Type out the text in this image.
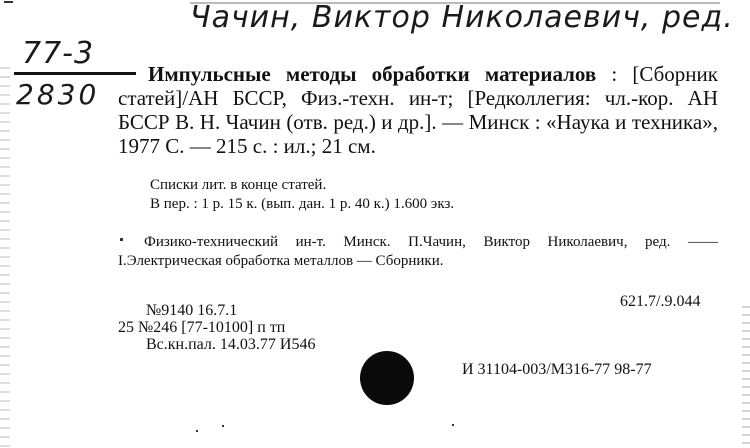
Чачин, Виктор Николаевич, ред.
77-3
2830
Импульсные методы обработки материалов : [Сборник статей]/АН БССР, Физ.-техн. ин-т; [Редколлегия: чл.-кор. АН БССР В. Н. Чачин (отв. ред.) и др.]. — Минск : «Наука и техника», 1977 С. — 215 с. : ил.; 21 см.
Списки лит. в конце статей.
В пер. : 1 р. 15 к. (вып. дан. 1 р. 40 к.) 1.600 экз.
Физико-технический ин-т. Минск. П.Чачин, Виктор Николаевич, ред. ——I.Электрическая обработка металлов — Сборники.
621.7/.9.044
№9140 16.7.1
25 №246 [77-10100] п тп
Вс.кн.пал. 14.03.77 И546
И 31104-003/М316-77 98-77
